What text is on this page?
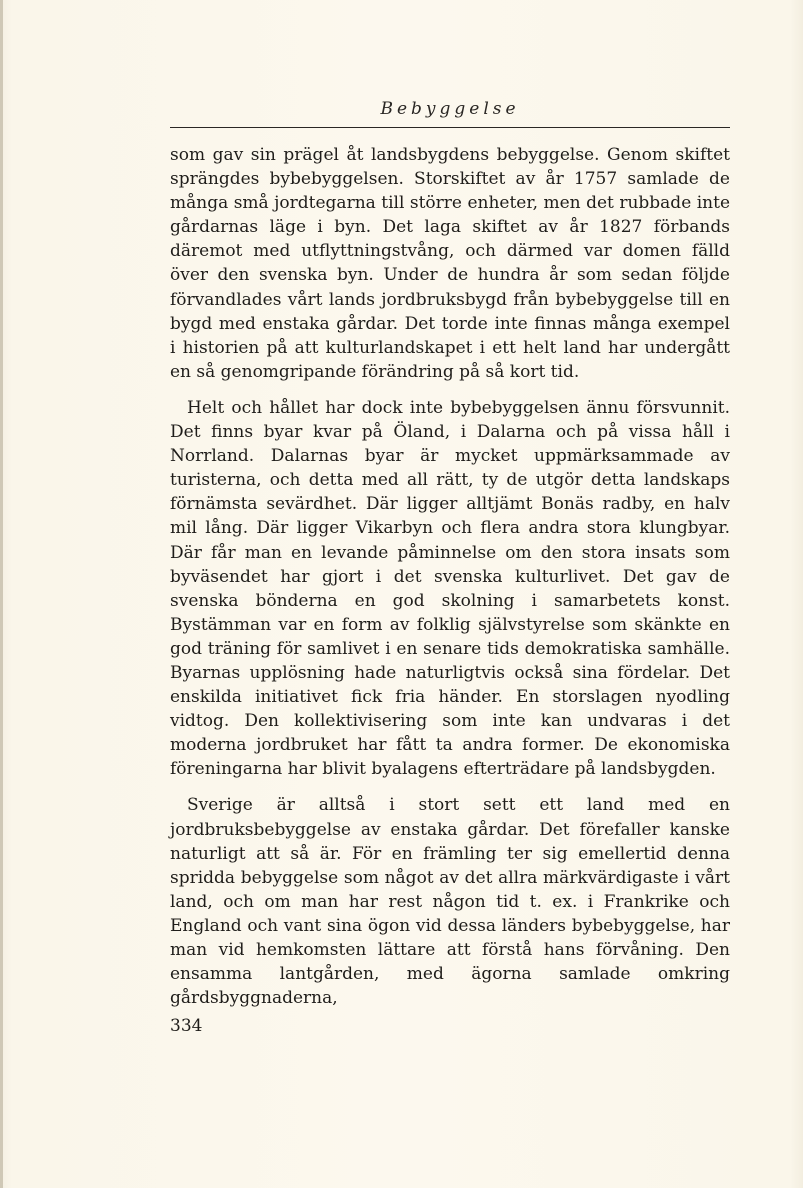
Bebyggelse

som gav sin prägel åt landsbygdens bebyggelse. Genom skiftet sprängdes bybebyggelsen. Storskiftet av år 1757 samlade de många små jordtegarna till större enheter, men det rubbade inte gårdarnas läge i byn. Det laga skiftet av år 1827 förbands däremot med utflyttningstvång, och därmed var domen fälld över den svenska byn. Under de hundra år som sedan följde förvandlades vårt lands jordbruksbygd från bybebyggelse till en bygd med enstaka gårdar. Det torde inte finnas många exempel i historien på att kulturlandskapet i ett helt land har undergått en så genomgripande förändring på så kort tid.

Helt och hållet har dock inte bybebyggelsen ännu försvunnit. Det finns byar kvar på Öland, i Dalarna och på vissa håll i Norrland. Dalarnas byar är mycket uppmärksammade av turisterna, och detta med all rätt, ty de utgör detta landskaps förnämsta sevärdhet. Där ligger alltjämt Bonäs radby, en halv mil lång. Där ligger Vikarbyn och flera andra stora klungbyar. Där får man en levande påminnelse om den stora insats som byväsendet har gjort i det svenska kulturlivet. Det gav de svenska bönderna en god skolning i samarbetets konst. Bystämman var en form av folklig självstyrelse som skänkte en god träning för samlivet i en senare tids demokratiska samhälle. Byarnas upplösning hade naturligtvis också sina fördelar. Det enskilda initiativet fick fria händer. En storslagen nyodling vidtog. Den kollektivisering som inte kan undvaras i det moderna jordbruket har fått ta andra former. De ekonomiska föreningarna har blivit byalagens efterträdare på landsbygden.

Sverige är alltså i stort sett ett land med en jordbruksbebyggelse av enstaka gårdar. Det förefaller kanske naturligt att så är. För en främling ter sig emellertid denna spridda bebyggelse som något av det allra märkvärdigaste i vårt land, och om man har rest någon tid t. ex. i Frankrike och England och vant sina ögon vid dessa länders bybebyggelse, har man vid hemkomsten lättare att förstå hans förvåning. Den ensamma lantgården, med ägorna samlade omkring gårdsbyggnaderna,

334
